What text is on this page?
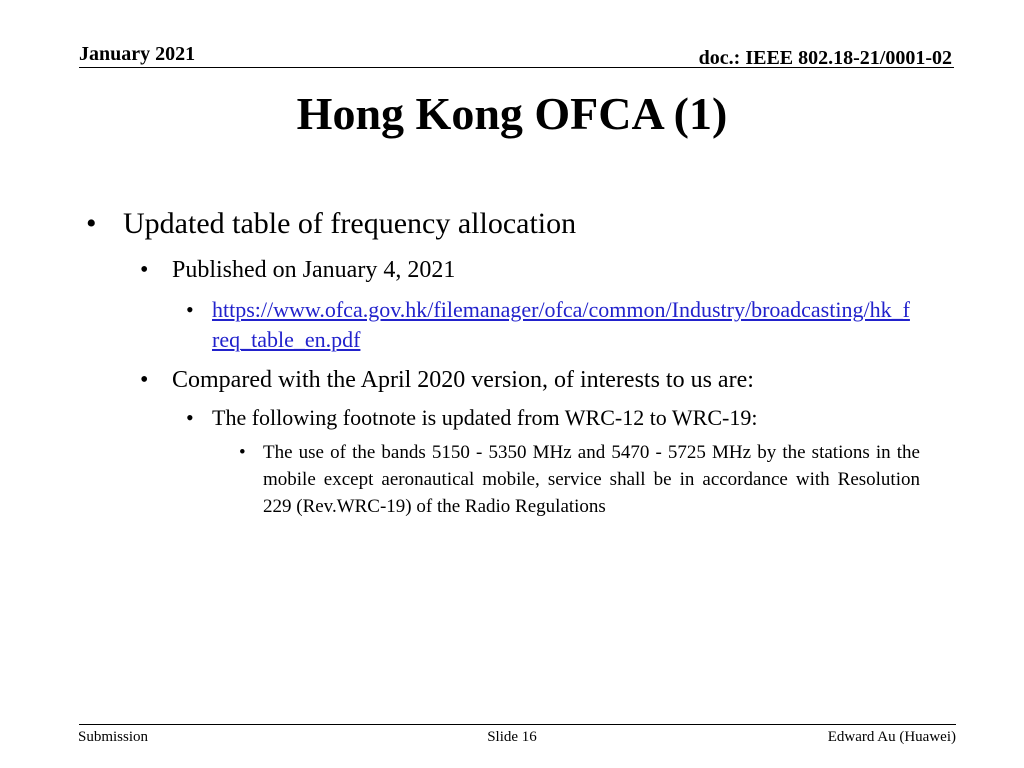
January 2021	doc.: IEEE 802.18-21/0001-02
Hong Kong OFCA (1)
• Updated table of frequency allocation
• Published on January 4, 2021
• https://www.ofca.gov.hk/filemanager/ofca/common/Industry/broadcasting/hk_freq_table_en.pdf
• Compared with the April 2020 version, of interests to us are:
• The following footnote is updated from WRC-12 to WRC-19:
• The use of the bands 5150 - 5350 MHz and 5470 - 5725 MHz by the stations in the mobile except aeronautical mobile, service shall be in accordance with Resolution 229 (Rev.WRC-19) of the Radio Regulations
Submission	Slide 16	Edward Au (Huawei)
